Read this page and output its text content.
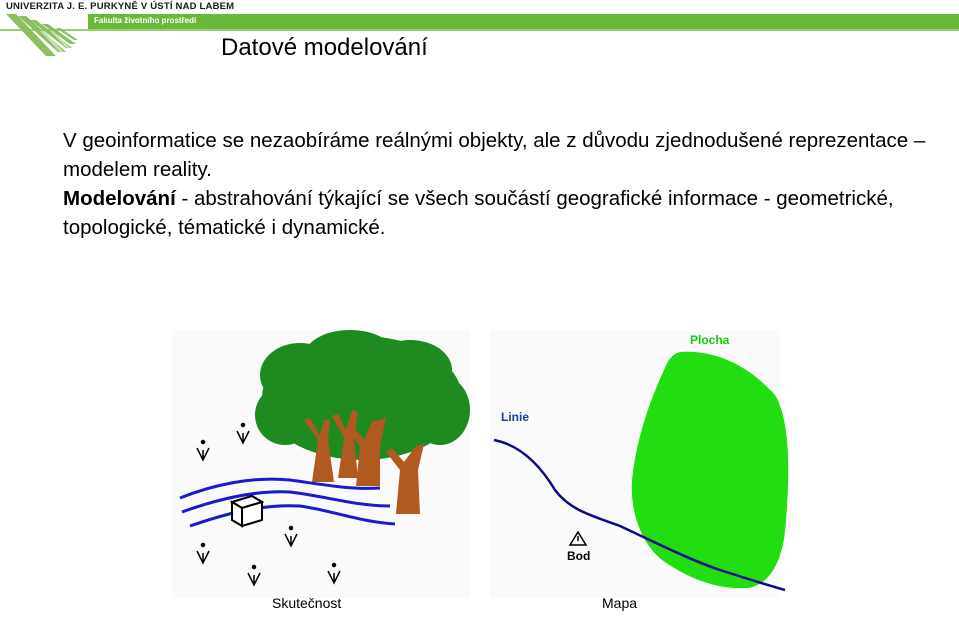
UNIVERZITA J. E. PURKYNĚ V ÚSTÍ NAD LABEM
Fakulta životního prostředí
Datové modelování

V geoinformatice se nezaobíráme reálnými objekty, ale z důvodu zjednodušené reprezentace – modelem reality.

Modelování - abstrahování týkající se všech součástí geografické informace - geometrické, topologické, tématické i dynamické.

Plocha
Linie
Bod
Skutečnost	Mapa
